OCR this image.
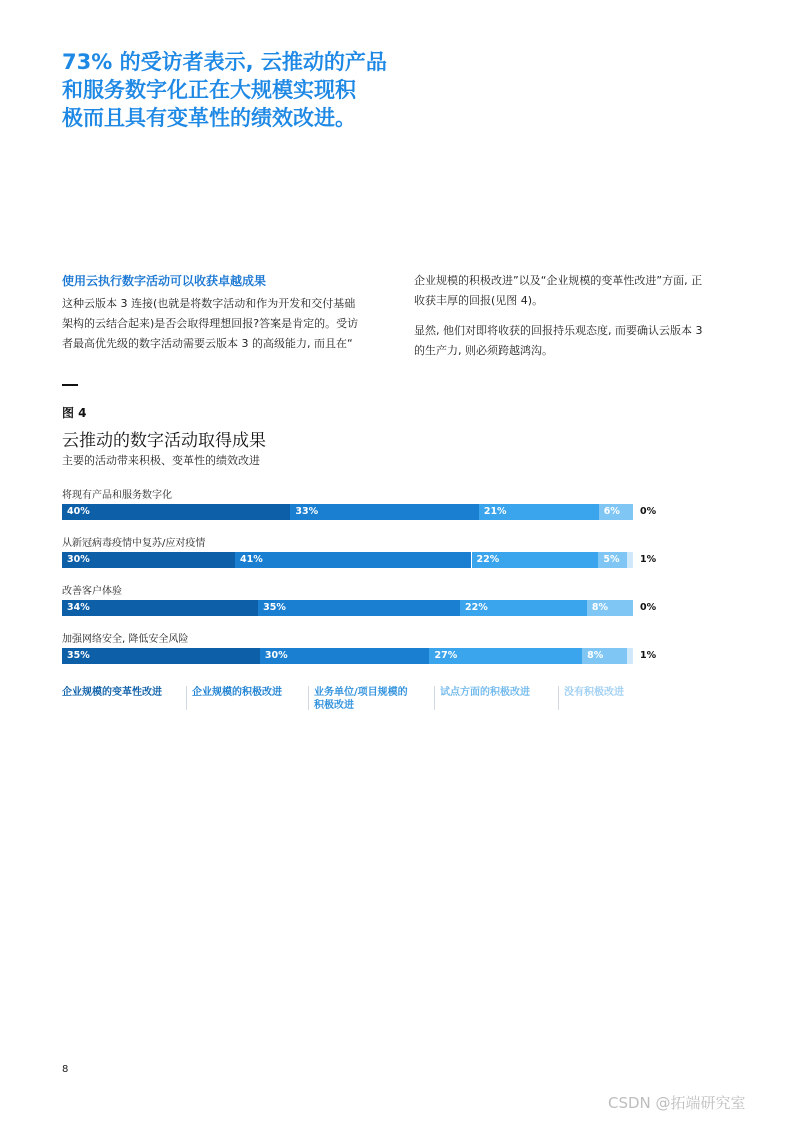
73% 的受访者表示, 云推动的产品
和服务数字化正在大规模实现积
极而且具有变革性的绩效改进。
使用云执行数字活动可以收获卓越成果
这种云版本 3 连接(也就是将数字活动和作为开发和交付基础
架构的云结合起来)是否会取得理想回报?答案是肯定的。受访
者最高优先级的数字活动需要云版本 3 的高级能力, 而且在“

企业规模的积极改进”以及“企业规模的变革性改进”方面, 正
收获丰厚的回报(见图 4)。

显然, 他们对即将收获的回报持乐观态度, 而要确认云版本 3
的生产力, 则必须跨越鸿沟。

图 4
云推动的数字活动取得成果
主要的活动带来积极、变革性的绩效改进
将现有产品和服务数字化
40%	33%	21%	6% 0%
从新冠病毒疫情中复苏/应对疫情
30%	41%	22%	5% 1%
改善客户体验
34%	35%	22%	8%	0%
加强网络安全, 降低安全风险
35%	30%	27%	8%	1%
企业规模的变革性改进	企业规模的积极改进	业务单位/项目规模的
积极改进
试点方面的积极改进	没有积极改进
8
CSDN @拓端研究室
